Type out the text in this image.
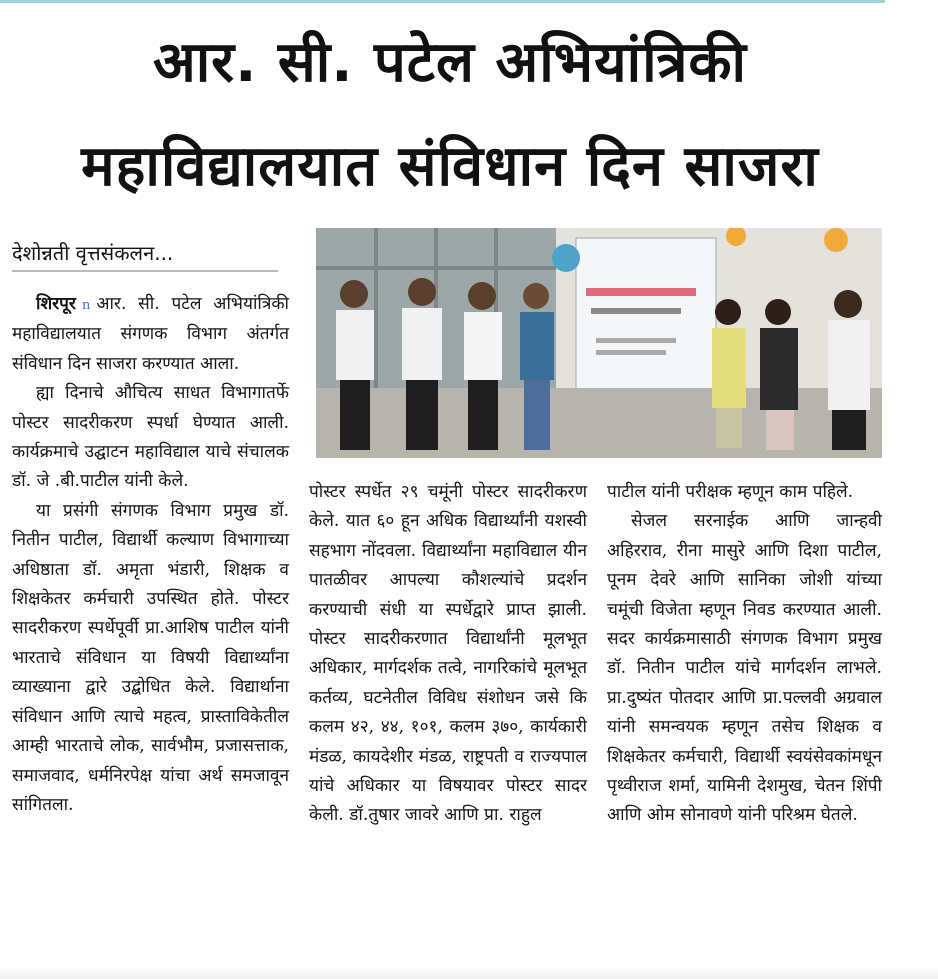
आर. सी. पटेल अभियांत्रिकी
महाविद्यालयात संविधान दिन साजरा
देशोन्नती वृत्तसंकलन...

शिरपूर n आर. सी. पटेल अभियांत्रिकी महाविद्यालयात संगणक विभाग अंतर्गत संविधान दिन साजरा करण्यात आला.

ह्या दिनाचे औचित्य साधत विभागातर्फे पोस्टर सादरीकरण स्पर्धा घेण्यात आली. कार्यक्रमाचे उद्घाटन महाविद्याल याचे संचालक डॉ. जे .बी.पाटील यांनी केले.

या प्रसंगी संगणक विभाग प्रमुख डॉ. नितीन पाटील, विद्यार्थी कल्याण विभागाच्या अधिष्ठाता डॉ. अमृता भंडारी, शिक्षक व शिक्षकेतर कर्मचारी उपस्थित होते. पोस्टर सादरीकरण स्पर्धेपूर्वी प्रा.आशिष पाटील यांनी भारताचे संविधान या विषयी विद्यार्थ्यांना व्याख्याना द्वारे उद्बोधित केले. विद्यार्थाना संविधान आणि त्याचे महत्व, प्रास्ताविकेतील आम्ही भारताचे लोक, सार्वभौम, प्रजासत्ताक, समाजवाद, धर्मनिरपेक्ष यांचा अर्थ समजावून सांगितला.

पोस्टर स्पर्धेत २९ चमूंनी पोस्टर सादरीकरण केले. यात ६० हून अधिक विद्यार्थ्यांनी यशस्वी सहभाग नोंदवला. विद्यार्थ्यांना महाविद्याल यीन पातळीवर आपल्या कौशल्यांचे प्रदर्शन करण्याची संधी या स्पर्धेद्वारे प्राप्त झाली. पोस्टर सादरीकरणात विद्यार्थांनी मूलभूत अधिकार, मार्गदर्शक तत्वे, नागरिकांचे मूलभूत कर्तव्य, घटनेतील विविध संशोधन जसे कि कलम ४२, ४४, १०१, कलम ३७०, कार्यकारी मंडळ, कायदेशीर मंडळ, राष्ट्रपती व राज्यपाल यांचे अधिकार या विषयावर पोस्टर सादर केली. डॉ.तुषार जावरे आणि प्रा. राहुल

पाटील यांनी परीक्षक म्हणून काम पहिले.

सेजल सरनाईक आणि जान्हवी अहिरराव, रीना मासुरे आणि दिशा पाटील, पूनम देवरे आणि सानिका जोशी यांच्या चमूंची विजेता म्हणून निवड करण्यात आली. सदर कार्यक्रमासाठी संगणक विभाग प्रमुख डॉ. नितीन पाटील यांचे मार्गदर्शन लाभले. प्रा.दुष्यंत पोतदार आणि प्रा.पल्लवी अग्रवाल यांनी समन्वयक म्हणून तसेच शिक्षक व शिक्षकेतर कर्मचारी, विद्यार्थी स्वयंसेवकांमधून पृथ्वीराज शर्मा, यामिनी देशमुख, चेतन शिंपी आणि ओम सोनावणे यांनी परिश्रम घेतले.
